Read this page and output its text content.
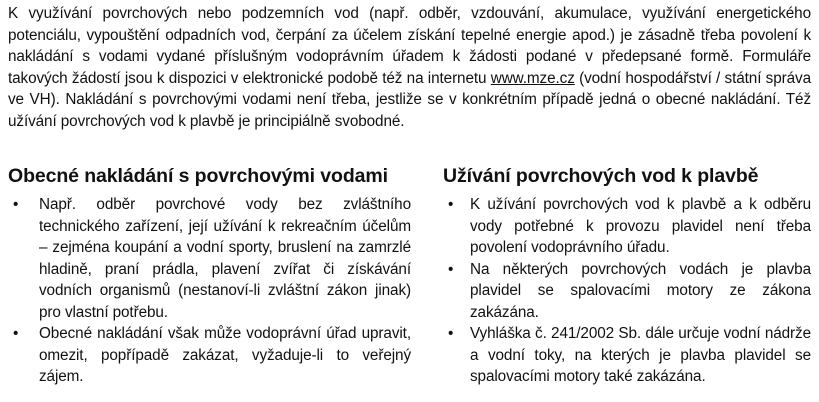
K využívání povrchových nebo podzemních vod (např. odběr, vzdouvání, akumulace, využívání energetického potenciálu, vypouštění odpadních vod, čerpání za účelem získání tepelné energie apod.) je zásadně třeba povolení k nakládání s vodami vydané příslušným vodoprávním úřadem k žádosti podané v předepsané formě. Formuláře takových žádostí jsou k dispozici v elektronické podobě též na internetu www.mze.cz (vodní hospodářství / státní správa ve VH). Nakládání s povrchovými vodami není třeba, jestliže se v konkrétním případě jedná o obecné nakládání. Též užívání povrchových vod k plavbě je principiálně svobodné.

Obecné nakládání s povrchovými vodami
• Např. odběr povrchové vody bez zvláštního technického zařízení, její užívání k rekreačním účelům – zejména koupání a vodní sporty, bruslení na zamrzlé hladině, praní prádla, plavení zvířat či získávání vodních organismů (nestanoví-li zvláštní zákon jinak) pro vlastní potřebu.
• Obecné nakládání však může vodoprávní úřad upravit, omezit, popřípadě zakázat, vyžaduje-li to veřejný zájem.
Užívání povrchových vod k plavbě
• K užívání povrchových vod k plavbě a k odběru vody potřebné k provozu plavidel není třeba povolení vodoprávního úřadu.
• Na některých povrchových vodách je plavba plavidel se spalovacími motory ze zákona zakázána.
• Vyhláška č. 241/2002 Sb. dále určuje vodní nádrže a vodní toky, na kterých je plavba plavidel se spalovacími motory také zakázána.
